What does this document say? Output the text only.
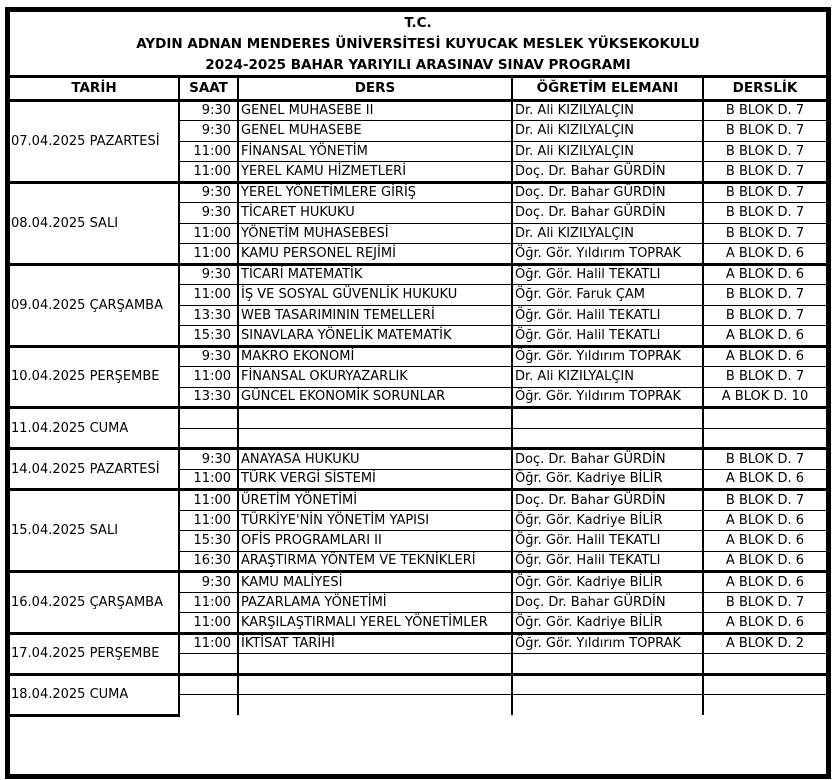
T.C.
AYDIN ADNAN MENDERES ÜNİVERSİTESİ KUYUCAK MESLEK YÜKSEKOKULU
2024-2025 BAHAR YARIYILI ARASINAV SINAV PROGRAMI
TARİH	SAAT	DERS	ÖĞRETİM ELEMANI	DERSLİK
07.04.2025 PAZARTESİ	9:30	GENEL MUHASEBE II	Dr. Ali KIZILYALÇIN	B BLOK D. 7
	9:30	GENEL MUHASEBE	Dr. Ali KIZILYALÇIN	B BLOK D. 7
	11:00	FİNANSAL YÖNETİM	Dr. Ali KIZILYALÇIN	B BLOK D. 7
	11:00	YEREL KAMU HİZMETLERİ	Doç. Dr. Bahar GÜRDİN	B BLOK D. 7
08.04.2025 SALI	9:30	YEREL YÖNETİMLERE GİRİŞ	Doç. Dr. Bahar GÜRDİN	B BLOK D. 7
	9:30	TİCARET HUKUKU	Doç. Dr. Bahar GÜRDİN	B BLOK D. 7
	11:00	YÖNETİM MUHASEBESİ	Dr. Ali KIZILYALÇIN	B BLOK D. 7
	11:00	KAMU PERSONEL REJİMİ	Öğr. Gör. Yıldırım TOPRAK	A BLOK D. 6
09.04.2025 ÇARŞAMBA	9:30	TİCARİ MATEMATİK	Öğr. Gör. Halil TEKATLI	A BLOK D. 6
	11:00	İŞ VE SOSYAL GÜVENLİK HUKUKU	Öğr. Gör. Faruk ÇAM	B BLOK D. 7
	13:30	WEB TASARIMININ TEMELLERİ	Öğr. Gör. Halil TEKATLI	B BLOK D. 7
	15:30	SINAVLARA YÖNELİK MATEMATİK	Öğr. Gör. Halil TEKATLI	A BLOK D. 6
10.04.2025 PERŞEMBE	9:30	MAKRO EKONOMİ	Öğr. Gör. Yıldırım TOPRAK	A BLOK D. 6
	11:00	FİNANSAL OKURYAZARLIK	Dr. Ali KIZILYALÇIN	B BLOK D. 7
	13:30	GÜNCEL EKONOMİK SORUNLAR	Öğr. Gör. Yıldırım TOPRAK	A BLOK D. 10
11.04.2025 CUMA				

14.04.2025 PAZARTESİ	9:30	ANAYASA HUKUKU	Doç. Dr. Bahar GÜRDİN	B BLOK D. 7
	11:00	TÜRK VERGİ SİSTEMİ	Öğr. Gör. Kadriye BİLİR	A BLOK D. 6
15.04.2025 SALI	11:00	ÜRETİM YÖNETİMİ	Doç. Dr. Bahar GÜRDİN	B BLOK D. 7
	11:00	TÜRKİYE'NİN YÖNETİM YAPISI	Öğr. Gör. Kadriye BİLİR	A BLOK D. 6
	15:30	OFİS PROGRAMLARI II	Öğr. Gör. Halil TEKATLI	A BLOK D. 6
	16:30	ARAŞTIRMA YÖNTEM VE TEKNİKLERİ	Öğr. Gör. Halil TEKATLI	A BLOK D. 6
16.04.2025 ÇARŞAMBA	9:30	KAMU MALİYESİ	Öğr. Gör. Kadriye BİLİR	A BLOK D. 6
	11:00	PAZARLAMA YÖNETİMİ	Doç. Dr. Bahar GÜRDİN	B BLOK D. 7
	11:00	KARŞILAŞTIRMALI YEREL YÖNETİMLER	Öğr. Gör. Kadriye BİLİR	A BLOK D. 6
17.04.2025 PERŞEMBE	11:00	İKTİSAT TARİHİ	Öğr. Gör. Yıldırım TOPRAK	A BLOK D. 2

18.04.2025 CUMA				
